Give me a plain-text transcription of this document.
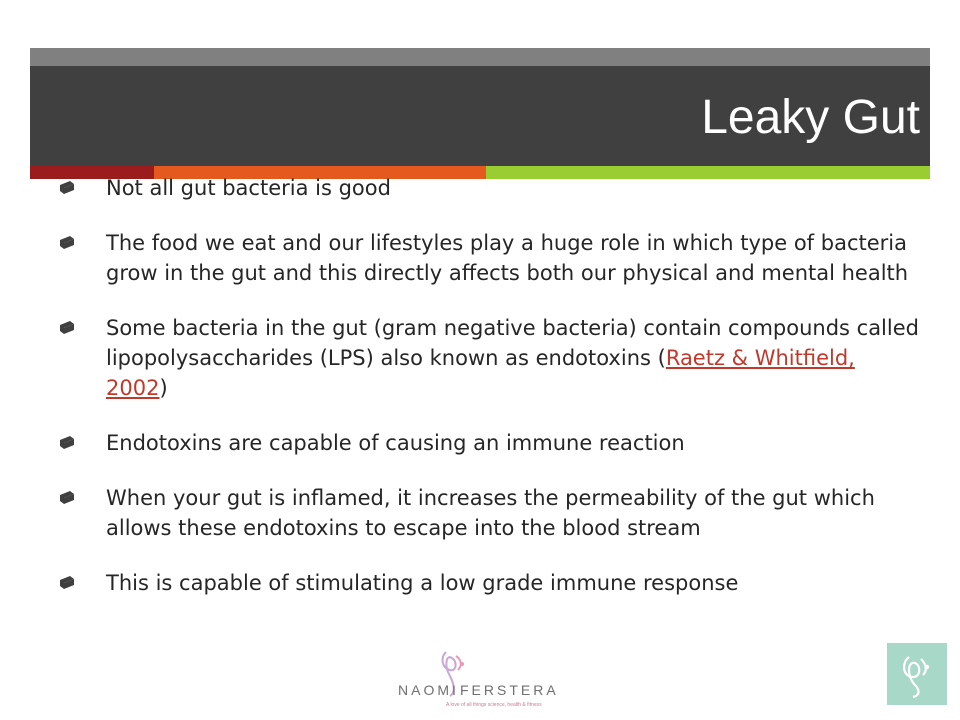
Leaky Gut
Not all gut bacteria is good
The food we eat and our lifestyles play a huge role in which type of bacteria grow in the gut and this directly affects both our physical and mental health
Some bacteria in the gut (gram negative bacteria) contain compounds called lipopolysaccharides (LPS) also known as endotoxins (Raetz & Whitfield, 2002)
Endotoxins are capable of causing an immune reaction
When your gut is inflamed, it increases the permeability of the gut which allows these endotoxins to escape into the blood stream
This is capable of stimulating a low grade immune response
NAOMI FERSTERA
A love of all things science, health & fitness
